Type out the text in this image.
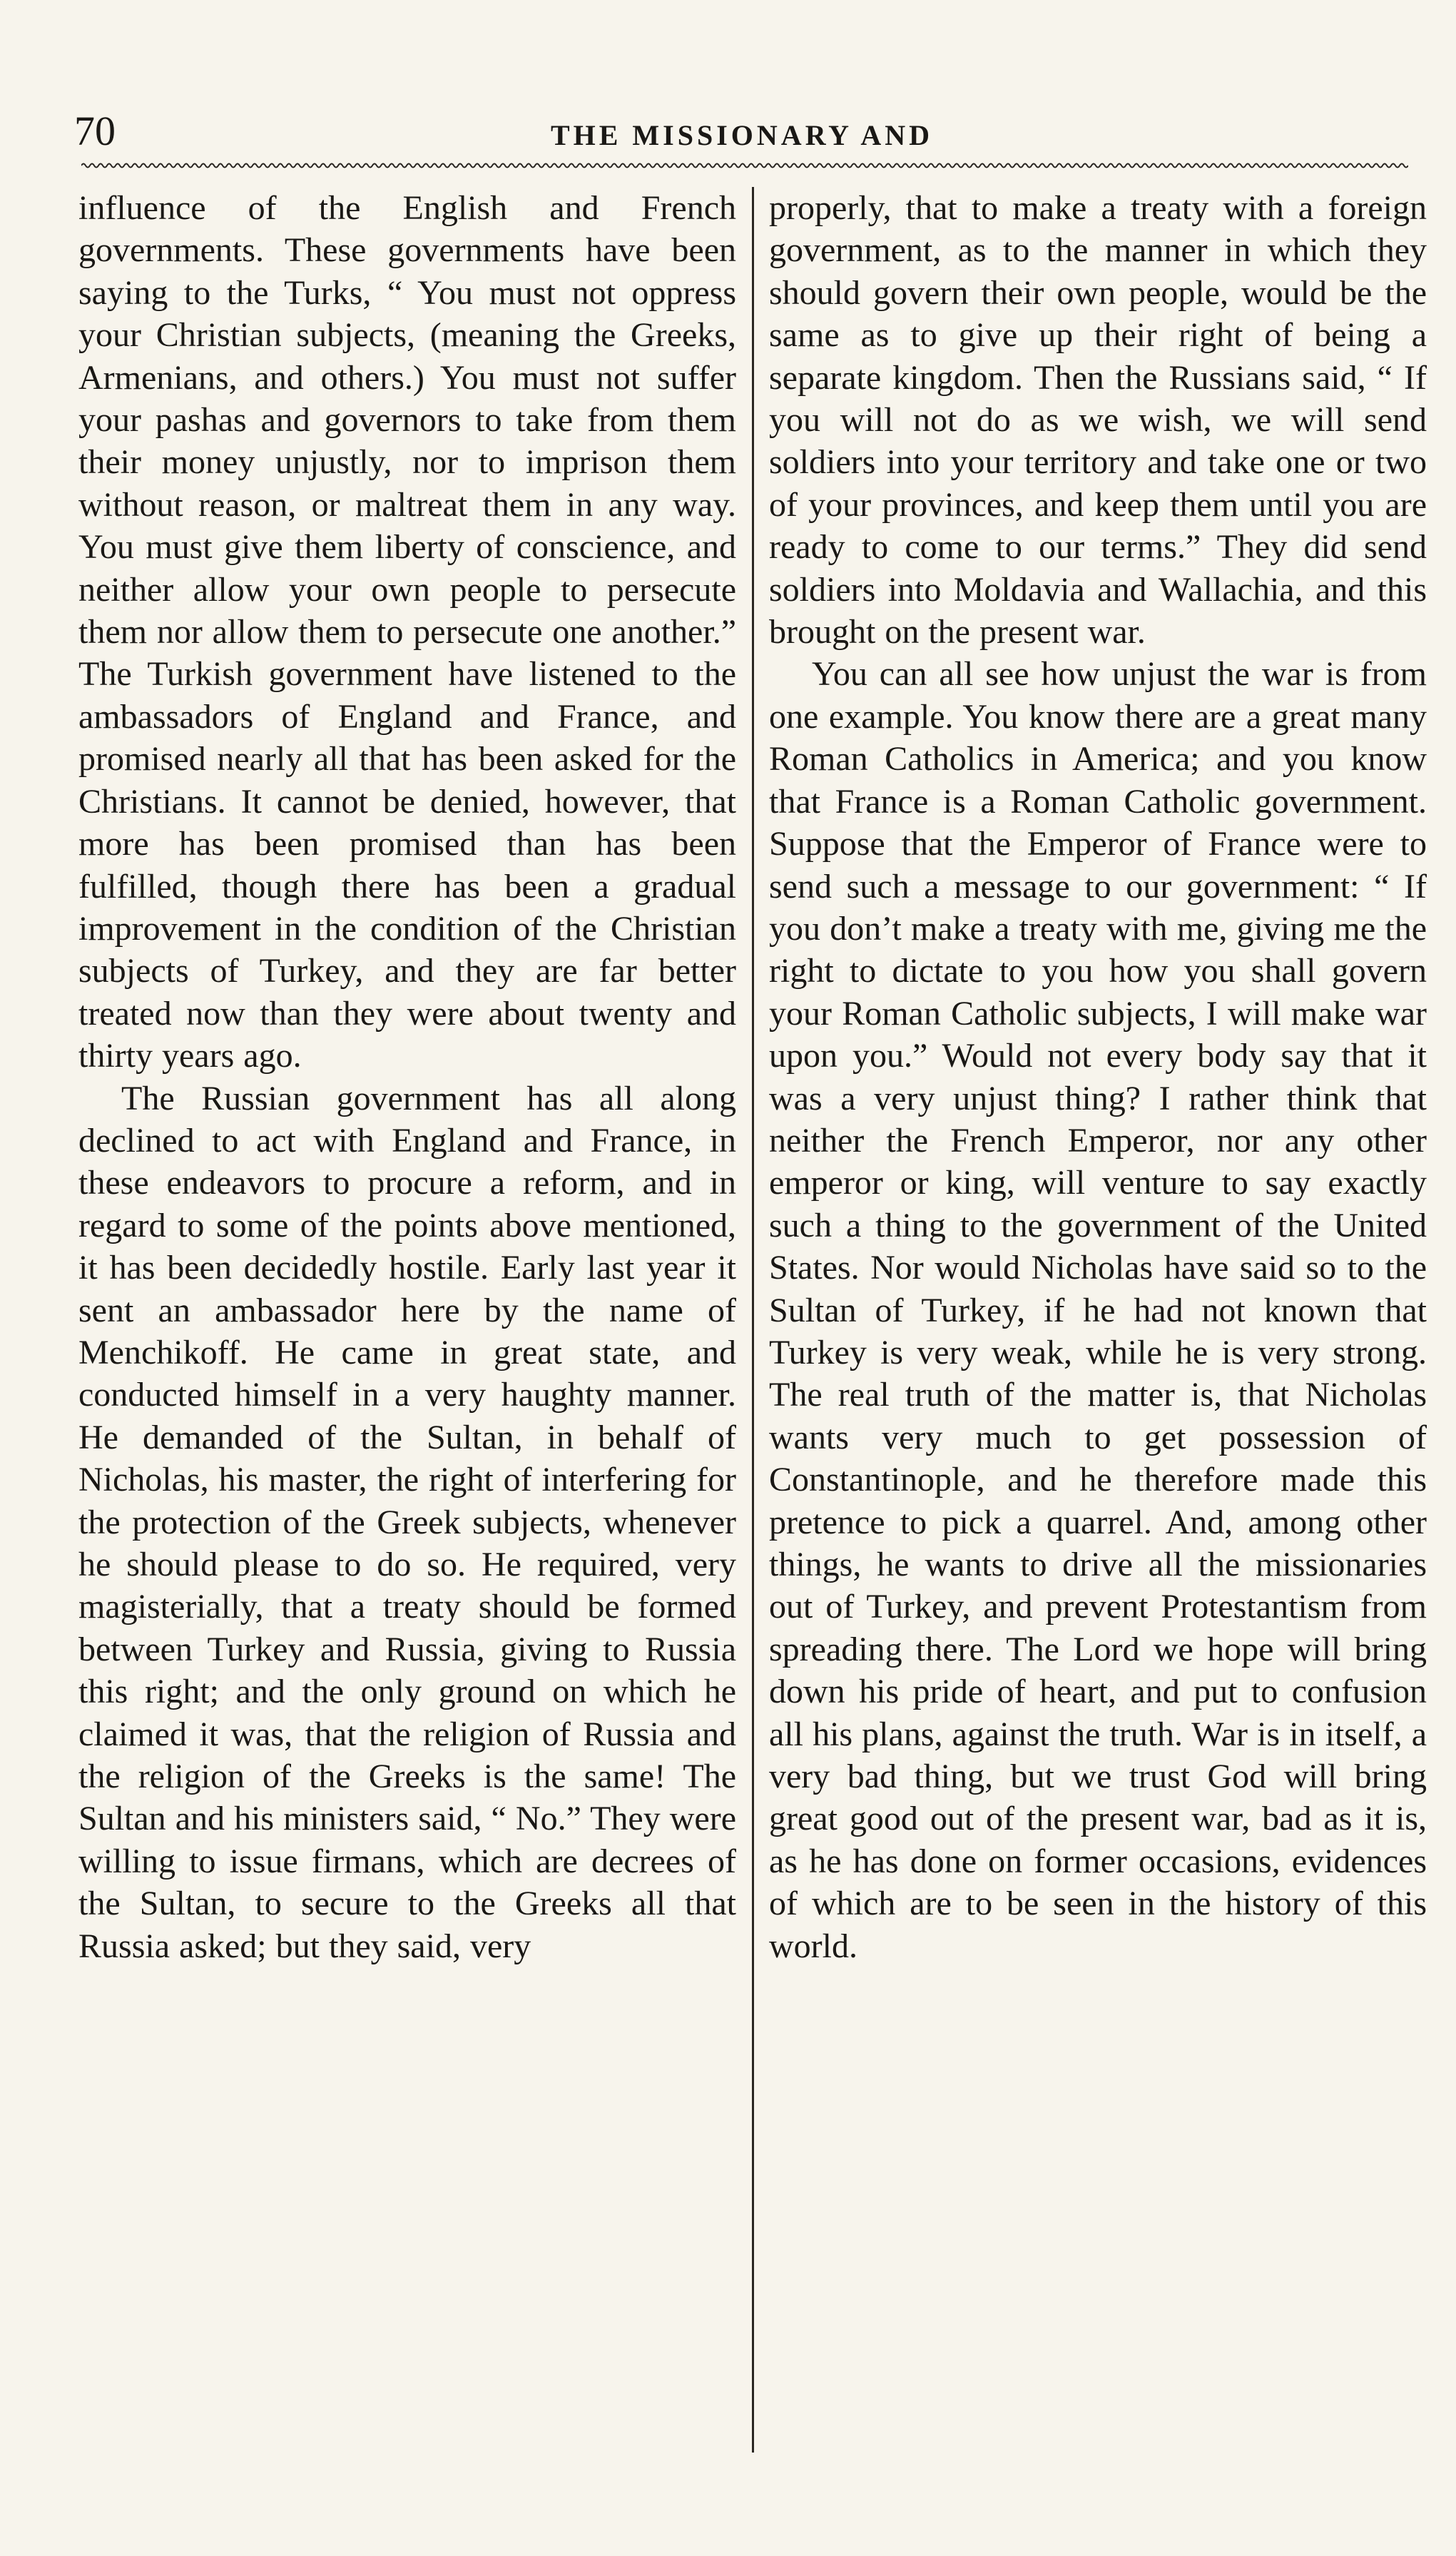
70	THE MISSIONARY AND

influence of the English and French governments. These governments have been saying to the Turks, “ You must not oppress your Christian subjects, (meaning the Greeks, Armenians, and others.) You must not suffer your pashas and governors to take from them their money unjustly, nor to imprison them without reason, or maltreat them in any way. You must give them liberty of conscience, and neither allow your own people to persecute them nor allow them to persecute one another.” The Turkish government have listened to the ambassadors of England and France, and promised nearly all that has been asked for the Christians. It cannot be denied, however, that more has been promised than has been fulfilled, though there has been a gradual improvement in the condition of the Christian subjects of Turkey, and they are far better treated now than they were about twenty and thirty years ago.

The Russian government has all along declined to act with England and France, in these endeavors to procure a reform, and in regard to some of the points above mentioned, it has been decidedly hostile. Early last year it sent an ambassador here by the name of Menchikoff. He came in great state, and conducted himself in a very haughty manner. He demanded of the Sultan, in behalf of Nicholas, his master, the right of interfering for the protection of the Greek subjects, whenever he should please to do so. He required, very magisterially, that a treaty should be formed between Turkey and Russia, giving to Russia this right; and the only ground on which he claimed it was, that the religion of Russia and the religion of the Greeks is the same! The Sultan and his ministers said, “ No.” They were willing to issue firmans, which are decrees of the Sultan, to secure to the Greeks all that Russia asked; but they said, very

properly, that to make a treaty with a foreign government, as to the manner in which they should govern their own people, would be the same as to give up their right of being a separate kingdom. Then the Russians said, “ If you will not do as we wish, we will send soldiers into your territory and take one or two of your provinces, and keep them until you are ready to come to our terms.” They did send soldiers into Moldavia and Wallachia, and this brought on the present war.

You can all see how unjust the war is from one example. You know there are a great many Roman Catholics in America; and you know that France is a Roman Catholic government. Suppose that the Emperor of France were to send such a message to our government: “ If you don’t make a treaty with me, giving me the right to dictate to you how you shall govern your Roman Catholic subjects, I will make war upon you.” Would not every body say that it was a very unjust thing? I rather think that neither the French Emperor, nor any other emperor or king, will venture to say exactly such a thing to the government of the United States. Nor would Nicholas have said so to the Sultan of Turkey, if he had not known that Turkey is very weak, while he is very strong. The real truth of the matter is, that Nicholas wants very much to get possession of Constantinople, and he therefore made this pretence to pick a quarrel. And, among other things, he wants to drive all the missionaries out of Turkey, and prevent Protestantism from spreading there. The Lord we hope will bring down his pride of heart, and put to confusion all his plans, against the truth. War is in itself, a very bad thing, but we trust God will bring great good out of the present war, bad as it is, as he has done on former occasions, evidences of which are to be seen in the history of this world.
